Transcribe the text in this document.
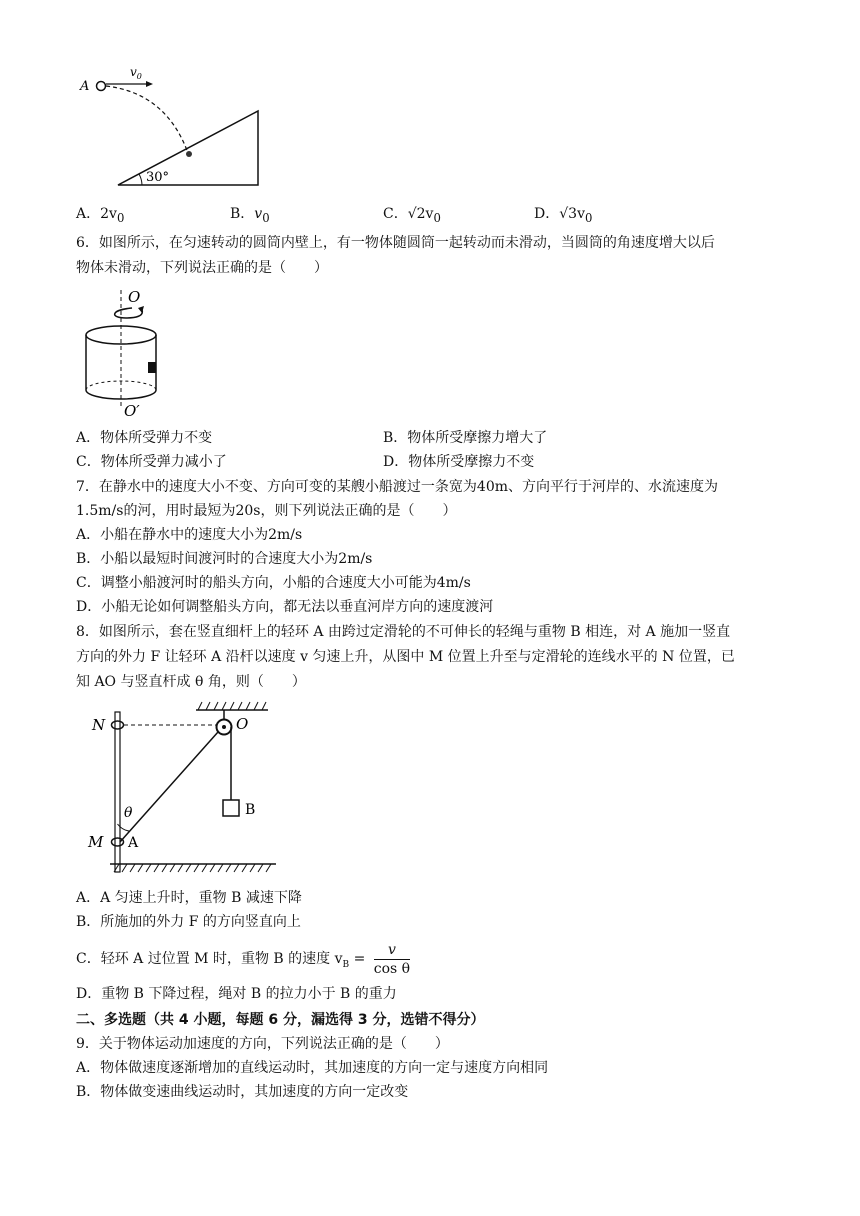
A
$v_0$
30°
A．$2v_0$	B．$v_0$	C．$√2v_0$	D．$√3v_0$
6．如图所示，在匀速转动的圆筒内壁上，有一物体随圆筒一起转动而未滑动，当圆筒的角速度增大以后
物体未滑动，下列说法正确的是（　　）
O
O′
A．物体所受弹力不变	B．物体所受摩擦力增大了
C．物体所受弹力减小了	D．物体所受摩擦力不变
7．在静水中的速度大小不变、方向可变的某艘小船渡过一条宽为40m、方向平行于河岸的、水流速度为
1.5m/s的河，用时最短为20s，则下列说法正确的是（　　）
A．小船在静水中的速度大小为2m/s
B．小船以最短时间渡河时的合速度大小为2m/s
C．调整小船渡河时的船头方向，小船的合速度大小可能为4m/s
D．小船无论如何调整船头方向，都无法以垂直河岸方向的速度渡河
8．如图所示，套在竖直细杆上的轻环 A 由跨过定滑轮的不可伸长的轻绳与重物 B 相连，对 A 施加一竖直
方向的外力 F 让轻环 A 沿杆以速度 v 匀速上升，从图中 M 位置上升至与定滑轮的连线水平的 N 位置，已
知 AO 与竖直杆成 θ 角，则（　　）
O
N
B
θ
M A
A．A 匀速上升时，重物 B 减速下降
B．所施加的外力 F 的方向竖直向上
C．轻环 A 过位置 M 时，重物 B 的速度 $v_B = \frac{v}{\text{cos θ}}$
D．重物 B 下降过程，绳对 B 的拉力小于 B 的重力
二、多选题（共 4 小题，每题 6 分，漏选得 3 分，选错不得分）
9．关于物体运动加速度的方向，下列说法正确的是（　　）
A．物体做速度逐渐增加的直线运动时，其加速度的方向一定与速度方向相同
B．物体做变速曲线运动时，其加速度的方向一定改变
